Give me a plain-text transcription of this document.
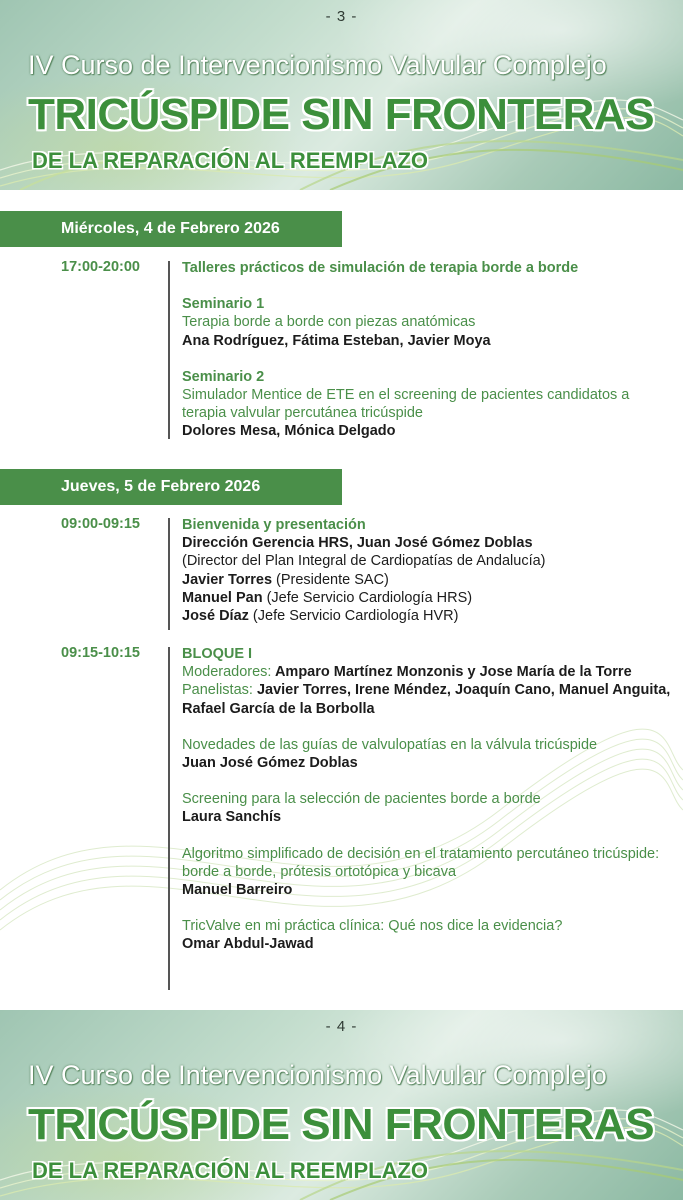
- 3 -
IV Curso de Intervencionismo Valvular Complejo
TRICÚSPIDE SIN FRONTERAS
DE LA REPARACIÓN AL REEMPLAZO
Miércoles, 4 de Febrero 2026
17:00-20:00	Talleres prácticos de simulación de terapia borde a borde
Seminario 1
Terapia borde a borde con piezas anatómicas
Ana Rodríguez, Fátima Esteban, Javier Moya
Seminario 2
Simulador Mentice de ETE en el screening de pacientes candidatos a terapia valvular percutánea tricúspide
Dolores Mesa, Mónica Delgado
Jueves, 5 de Febrero 2026
09:00-09:15	Bienvenida y presentación
Dirección Gerencia HRS, Juan José Gómez Doblas
(Director del Plan Integral de Cardiopatías de Andalucía)
Javier Torres (Presidente SAC)
Manuel Pan (Jefe Servicio Cardiología HRS)
José Díaz (Jefe Servicio Cardiología HVR)
09:15-10:15	BLOQUE I
Moderadores: Amparo Martínez Monzonis y Jose María de la Torre
Panelistas: Javier Torres, Irene Méndez, Joaquín Cano, Manuel Anguita, Rafael García de la Borbolla
Novedades de las guías de valvulopatías en la válvula tricúspide
Juan José Gómez Doblas
Screening para la selección de pacientes borde a borde
Laura Sanchís
Algoritmo simplificado de decisión en el tratamiento percutáneo tricúspide: borde a borde, prótesis ortotópica y bicava
Manuel Barreiro
TricValve en mi práctica clínica: Qué nos dice la evidencia?
Omar Abdul-Jawad
- 4 -
IV Curso de Intervencionismo Valvular Complejo
TRICÚSPIDE SIN FRONTERAS
DE LA REPARACIÓN AL REEMPLAZO
